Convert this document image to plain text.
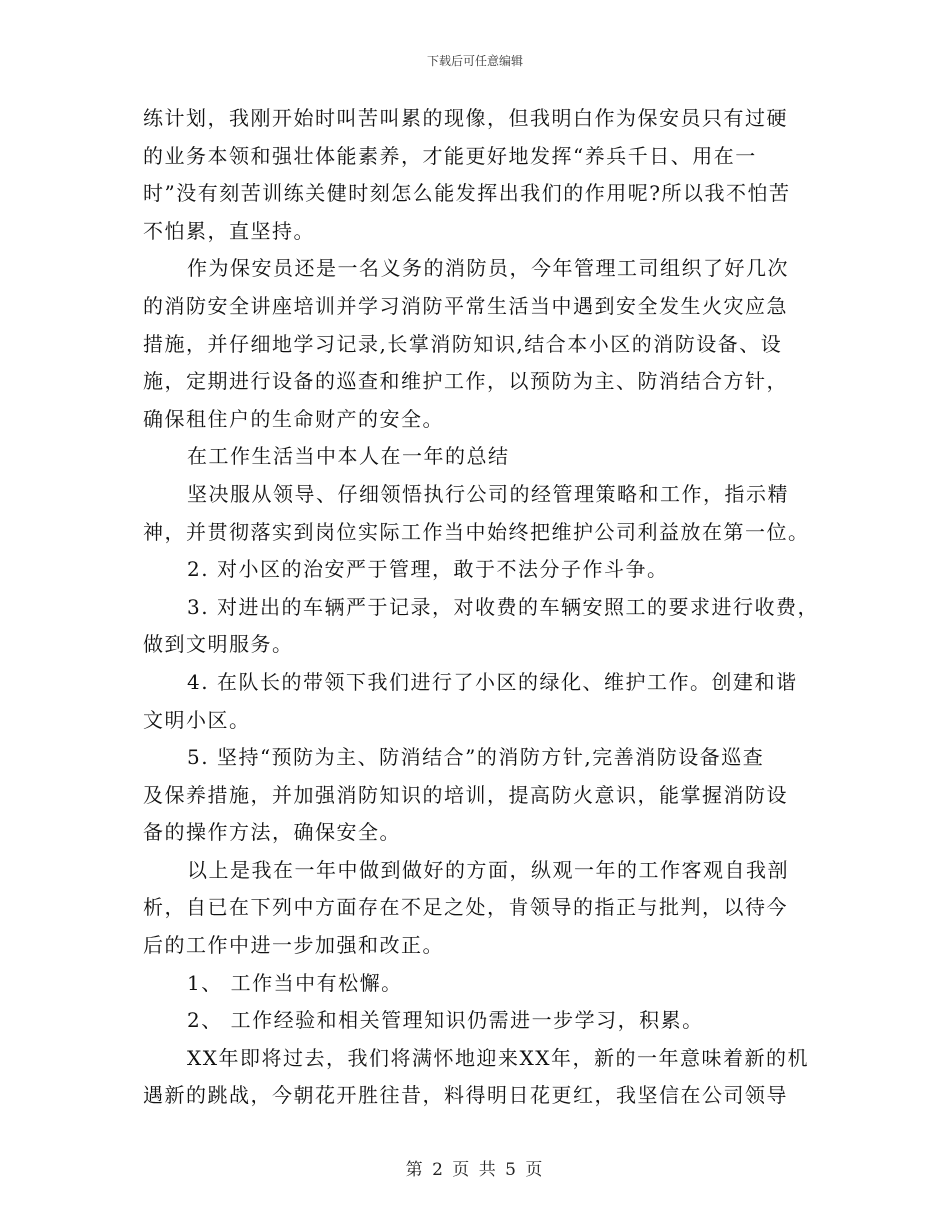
下载后可任意编辑
练计划，我刚开始时叫苦叫累的现像，但我明白作为保安员只有过硬
的业务本领和强壮体能素养，才能更好地发挥“养兵千日、用在一
时”没有刻苦训练关健时刻怎么能发挥出我们的作用呢?所以我不怕苦
不怕累，直坚持。
作为保安员还是一名义务的消防员，今年管理工司组织了好几次
的消防安全讲座培训并学习消防平常生活当中遇到安全发生火灾应急
措施，并仔细地学习记录,长掌消防知识,结合本小区的消防设备、设
施，定期进行设备的巡查和维护工作，以预防为主、防消结合方针，
确保租住户的生命财产的安全。
在工作生活当中本人在一年的总结
坚决服从领导、仔细领悟执行公司的经管理策略和工作，指示精
神，并贯彻落实到岗位实际工作当中始终把维护公司利益放在第一位。
2. 对小区的治安严于管理，敢于不法分子作斗争。
3. 对进出的车辆严于记录，对收费的车辆安照工的要求进行收费，
做到文明服务。
4. 在队长的带领下我们进行了小区的绿化、维护工作。创建和谐
文明小区。
5. 坚持“预防为主、防消结合”的消防方针,完善消防设备巡查
及保养措施，并加强消防知识的培训，提高防火意识，能掌握消防设
备的操作方法，确保安全。
以上是我在一年中做到做好的方面，纵观一年的工作客观自我剖
析，自已在下列中方面存在不足之处，肯领导的指正与批判，以待今
后的工作中进一步加强和改正。
1、 工作当中有松懈。
2、 工作经验和相关管理知识仍需进一步学习，积累。
XX年即将过去，我们将满怀地迎来XX年，新的一年意味着新的机
遇新的跳战，今朝花开胜往昔，料得明日花更红，我坚信在公司领导
第 2 页 共 5 页
